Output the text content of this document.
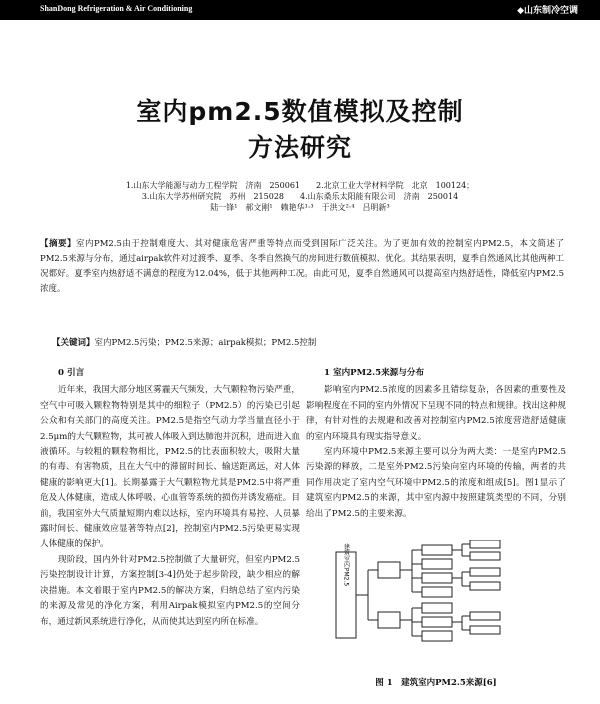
ShanDong Refrigeration & Air Conditioning	◆山东制冷空调
室内pm2.5数值模拟及控制
方法研究
1.山东大学能源与动力工程学院　济南　250061　　2.北京工业大学材料学院　北京　100124；
3.山东大学苏州研究院　苏州　215028　　4.山东桑乐太阳能有限公司　济南　250014
陆一锋¹　郝文刚¹　赖艳华¹·³　于洪文²·⁴　吕明新³
【摘要】室内PM2.5由于控制难度大、其对健康危害严重等特点而受到国际广泛关注。为了更加有效的控制室内PM2.5，本文简述了PM2.5来源与分布，通过airpak软件对过渡季、夏季、冬季自然换气的房间进行数值模拟、优化。其结果表明，夏季自然通风比其他两种工况都好。夏季室内热舒适不满意的程度为12.04%，低于其他两种工况。由此可见，夏季自然通风可以提高室内热舒适性，降低室内PM2.5浓度。
【关键词】室内PM2.5污染；PM2.5来源；airpak模拟；PM2.5控制
0 引言

近年来，我国大部分地区雾霾天气频发，大气颗粒物污染严重，空气中可吸入颗粒物特别是其中的细粒子（PM2.5）的污染已引起公众和有关部门的高度关注。PM2.5是指空气动力学当量直径小于2.5μm的大气颗粒物，其可被人体吸入到达肺泡并沉积，进而进入血液循环。与较粗的颗粒物相比，PM2.5的比表面积较大，吸附大量的有毒、有害物质，且在大气中的滞留时间长、输送距离远，对人体健康的影响更大[1]。长期暴露于大气颗粒物尤其是PM2.5中将严重危及人体健康，造成人体呼吸、心血管等系统的损伤并诱发癌症。目前，我国室外大气质量短期内难以达标，室内环境具有易控、人员暴露时间长、健康效应显著等特点[2]，控制室内PM2.5污染更易实现人体健康的保护。

现阶段，国内外针对PM2.5控制做了大量研究，但室内PM2.5污染控制设计计算，方案控制[3-4]仍处于起步阶段，缺少相应的解决措施。本文着眼于室内PM2.5的解决方案，归纳总结了室内污染的来源及常见的净化方案，利用Airpak模拟室内PM2.5的空间分布，通过新风系统进行净化，从而使其达到室内所在标准。

1 室内PM2.5来源与分布

影响室内PM2.5浓度的因素多且错综复杂，各因素的重要性及影响程度在不同的室内外情况下呈现不同的特点和规律。找出这种规律，有针对性的去规避和改善对控制室内PM2.5浓度营造舒适健康的室内环境具有现实指导意义。

室内环境中PM2.5来源主要可以分为两大类：一是室内PM2.5污染源的释放，二是室外PM2.5污染向室内环境的传输，两者的共同作用决定了室内空气环境中PM2.5的浓度和组成[5]。图1显示了建筑室内PM2.5的来源，其中室内源中按照建筑类型的不同，分别给出了PM2.5的主要来源。

建筑室内PM2.5
图 1　建筑室内PM2.5来源[6]
